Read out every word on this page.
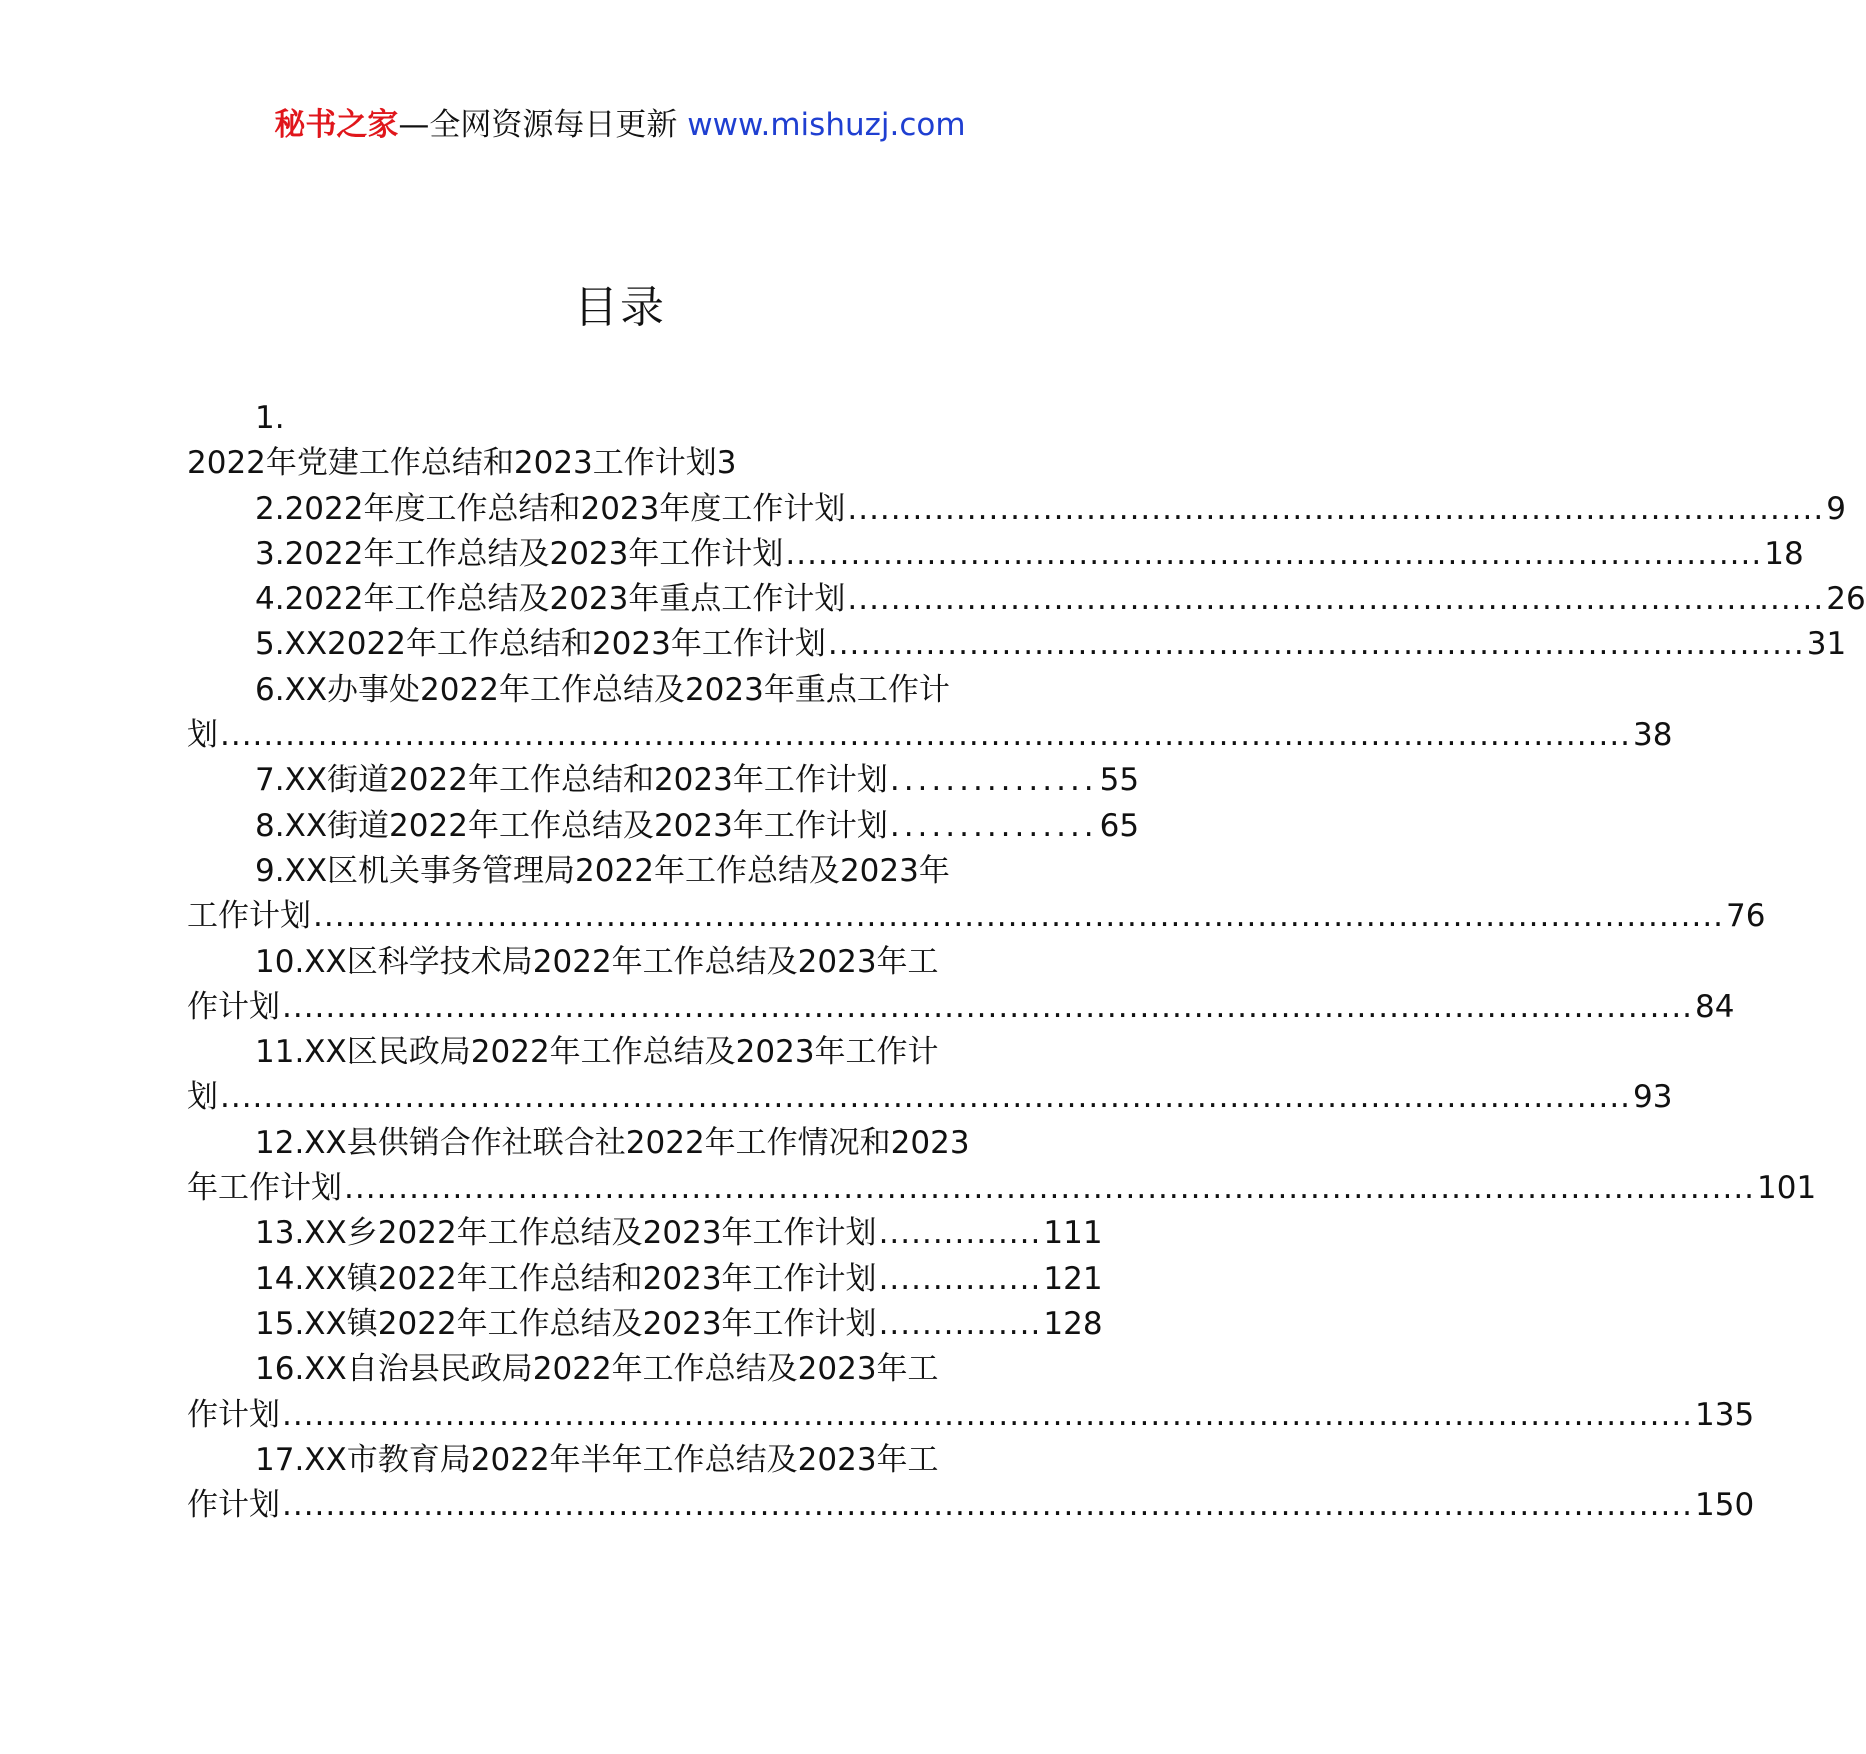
秘书之家—全网资源每日更新 www.mishuzj.com
目录
1.
2022年党建工作总结和2023工作计划 3
2.2022年度工作总结和2023年度工作计划 .......................................................................................... 9
3.2022年工作总结及2023年工作计划 .......................................................................................... 18
4.2022年工作总结及2023年重点工作计划 .......................................................................................... 26
5.XX2022年工作总结和2023年工作计划 .......................................................................................... 31
6.XX办事处2022年工作总结及2023年重点工作计
划 .................................................................................................................................. 38
7.XX街道2022年工作总结和2023年工作计划 ............... 55
8.XX街道2022年工作总结及2023年工作计划 ............... 65
9.XX区机关事务管理局2022年工作总结及2023年
工作计划 .................................................................................................................................. 76
10.XX区科学技术局2022年工作总结及2023年工
作计划 .................................................................................................................................. 84
11.XX区民政局2022年工作总结及2023年工作计
划 .................................................................................................................................. 93
12.XX县供销合作社联合社2022年工作情况和2023
年工作计划 .................................................................................................................................. 101
13.XX乡2022年工作总结及2023年工作计划 ............... 111
14.XX镇2022年工作总结和2023年工作计划 ............... 121
15.XX镇2022年工作总结及2023年工作计划 ............... 128
16.XX自治县民政局2022年工作总结及2023年工
作计划 .................................................................................................................................. 135
17.XX市教育局2022年半年工作总结及2023年工
作计划 .................................................................................................................................. 150
